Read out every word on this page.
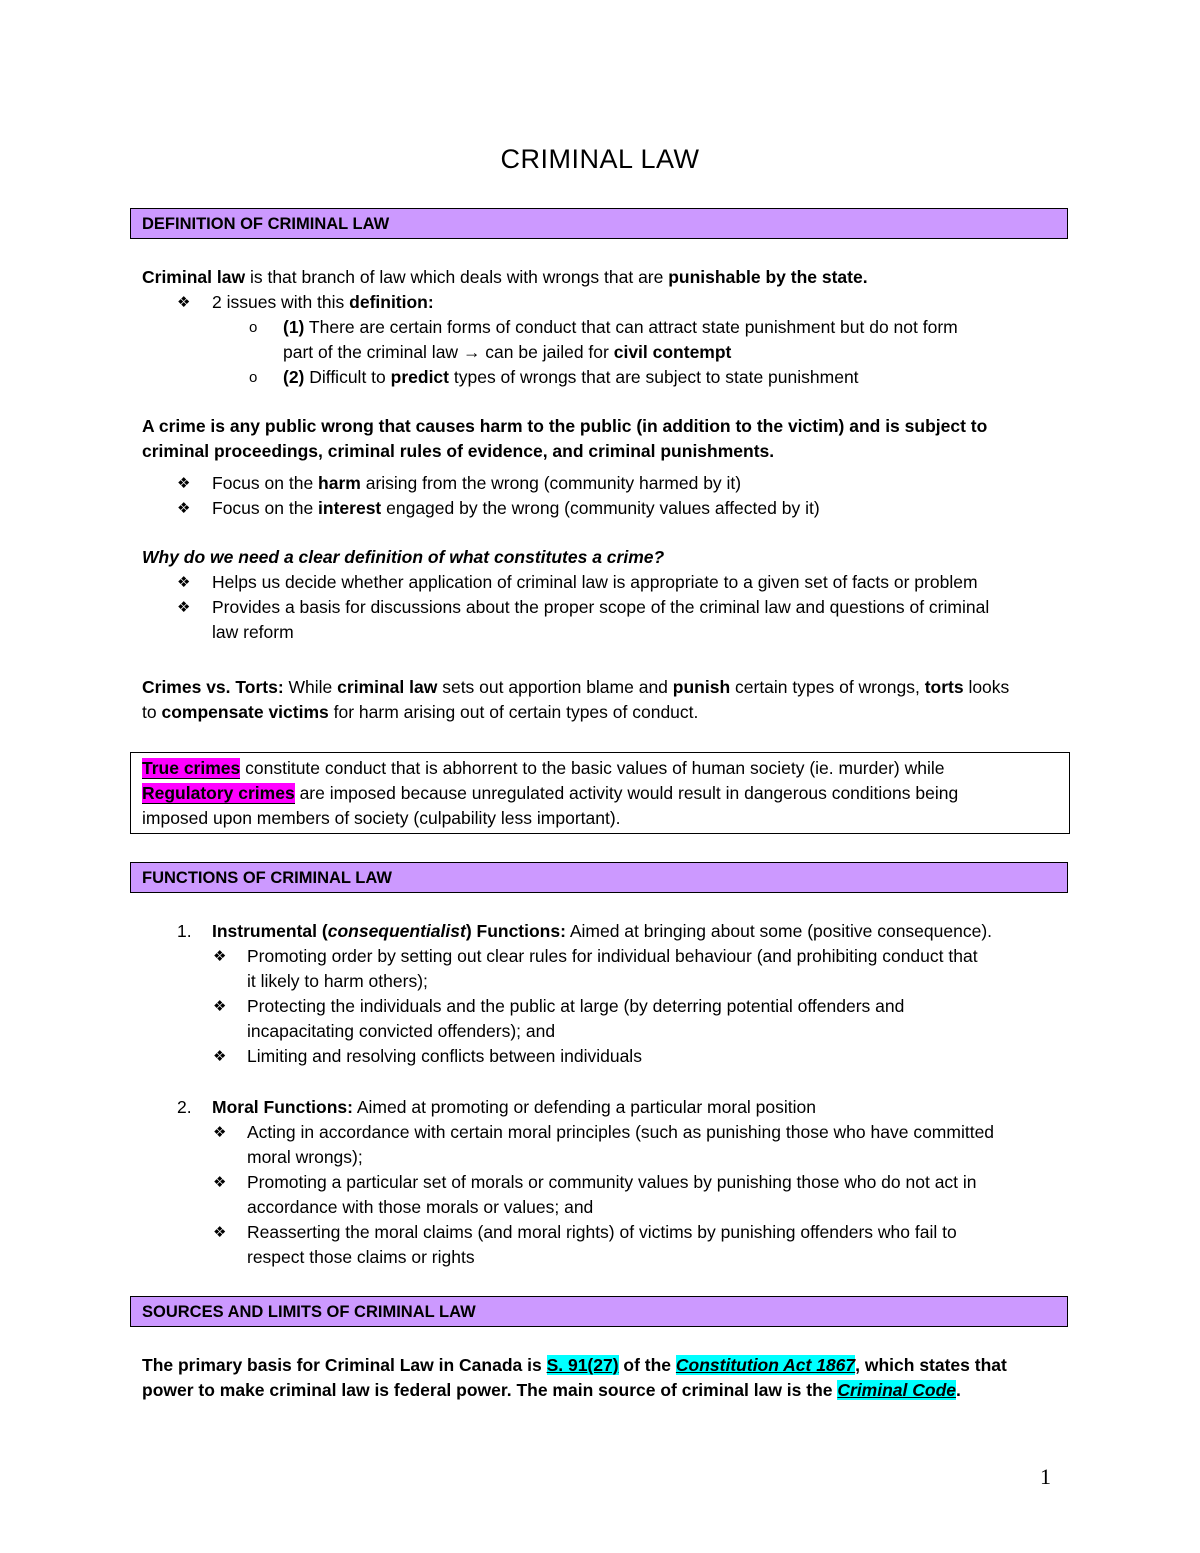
CRIMINAL LAW
DEFINITION OF CRIMINAL LAW
Criminal law is that branch of law which deals with wrongs that are punishable by the state.
❖	2 issues with this definition:
o (1) There are certain forms of conduct that can attract state punishment but do not form
part of the criminal law → can be jailed for civil contempt
o (2) Difficult to predict types of wrongs that are subject to state punishment
A crime is any public wrong that causes harm to the public (in addition to the victim) and is subject to
criminal proceedings, criminal rules of evidence, and criminal punishments.
❖	Focus on the harm arising from the wrong (community harmed by it)
❖	Focus on the interest engaged by the wrong (community values affected by it)
Why do we need a clear definition of what constitutes a crime?
❖	Helps us decide whether application of criminal law is appropriate to a given set of facts or problem
❖	Provides a basis for discussions about the proper scope of the criminal law and questions of criminal
law reform
Crimes vs. Torts: While criminal law sets out apportion blame and punish certain types of wrongs, torts looks
to compensate victims for harm arising out of certain types of conduct.
True crimes constitute conduct that is abhorrent to the basic values of human society (ie. murder) while
Regulatory crimes are imposed because unregulated activity would result in dangerous conditions being
imposed upon members of society (culpability less important).
FUNCTIONS OF CRIMINAL LAW
1. Instrumental (consequentialist) Functions: Aimed at bringing about some (positive consequence).
❖	Promoting order by setting out clear rules for individual behaviour (and prohibiting conduct that
it likely to harm others);
❖	Protecting the individuals and the public at large (by deterring potential offenders and
incapacitating convicted offenders); and
❖	Limiting and resolving conflicts between individuals
2. Moral Functions: Aimed at promoting or defending a particular moral position
❖	Acting in accordance with certain moral principles (such as punishing those who have committed
moral wrongs);
❖	Promoting a particular set of morals or community values by punishing those who do not act in
accordance with those morals or values; and
❖	Reasserting the moral claims (and moral rights) of victims by punishing offenders who fail to
respect those claims or rights
SOURCES AND LIMITS OF CRIMINAL LAW
The primary basis for Criminal Law in Canada is S. 91(27) of the Constitution Act 1867, which states that
power to make criminal law is federal power. The main source of criminal law is the Criminal Code.
1
